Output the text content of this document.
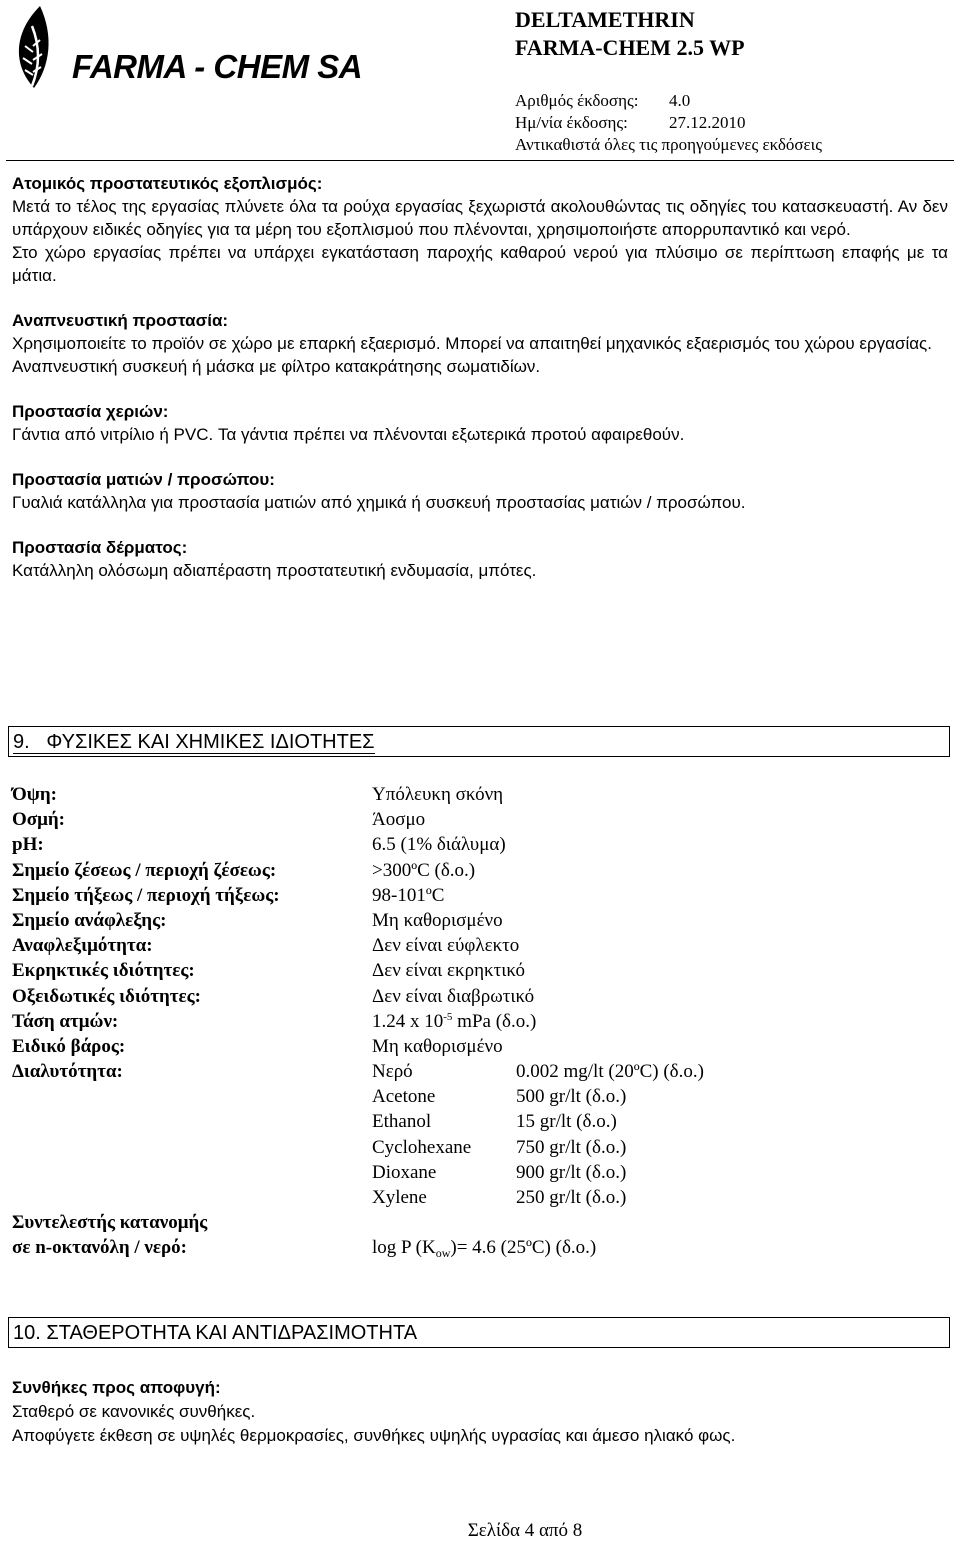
FARMA - CHEM SA
DELTAMETHRIN
FARMA-CHEM 2.5 WP
Αριθμός έκδοσης: 4.0
Ημ/νία έκδοσης: 27.12.2010
Αντικαθιστά όλες τις προηγούμενες εκδόσεις
Ατομικός προστατευτικός εξοπλισμός:
Μετά το τέλος της εργασίας πλύνετε όλα τα ρούχα εργασίας ξεχωριστά ακολουθώντας τις οδηγίες του κατασκευαστή. Αν δεν υπάρχουν ειδικές οδηγίες για τα μέρη του εξοπλισμού που πλένονται, χρησιμοποιήστε απορρυπαντικό και νερό.
Στο χώρο εργασίας πρέπει να υπάρχει εγκατάσταση παροχής καθαρού νερού για πλύσιμο σε περίπτωση επαφής με τα μάτια.
Αναπνευστική προστασία:
Χρησιμοποιείτε το προϊόν σε χώρο με επαρκή εξαερισμό. Μπορεί να απαιτηθεί μηχανικός εξαερισμός του χώρου εργασίας.
Αναπνευστική συσκευή ή μάσκα με φίλτρο κατακράτησης σωματιδίων.
Προστασία χεριών:
Γάντια από νιτρίλιο ή PVC. Τα γάντια πρέπει να πλένονται εξωτερικά προτού αφαιρεθούν.
Προστασία ματιών / προσώπου:
Γυαλιά κατάλληλα για προστασία ματιών από χημικά ή συσκευή προστασίας ματιών / προσώπου.
Προστασία δέρματος:
Κατάλληλη ολόσωμη αδιαπέραστη προστατευτική ενδυμασία, μπότες.
9. ΦΥΣΙΚΕΣ ΚΑΙ ΧΗΜΙΚΕΣ ΙΔΙΟΤΗΤΕΣ
Όψη:	Υπόλευκη σκόνη
Οσμή:	Άοσμο
pH:	6.5 (1% διάλυμα)
Σημείο ζέσεως / περιοχή ζέσεως:	>300ºC (δ.ο.)
Σημείο τήξεως / περιοχή τήξεως:	98-101ºC
Σημείο ανάφλεξης:	Μη καθορισμένο
Αναφλεξιμότητα:	Δεν είναι εύφλεκτο
Εκρηκτικές ιδιότητες:	Δεν είναι εκρηκτικό
Οξειδωτικές ιδιότητες:	Δεν είναι διαβρωτικό
Τάση ατμών:	1.24 x $10^{-5}$ mPa (δ.ο.)
Ειδικό βάρος:	Μη καθορισμένο
Διαλυτότητα:	Νερό	0.002 mg/lt (20ºC) (δ.ο.)
Acetone	500 gr/lt (δ.ο.)
Ethanol	15 gr/lt (δ.ο.)
Cyclohexane 750 gr/lt (δ.ο.)
Dioxane	900 gr/lt (δ.ο.)
Xylene	250 gr/lt (δ.ο.)
Συντελεστής κατανομής
σε n-οκτανόλη / νερό:	log P $(K_{ow})= 4.6$ (25ºC) (δ.ο.)
10. ΣΤΑΘΕΡΟΤΗΤΑ ΚΑΙ ΑΝΤΙΔΡΑΣΙΜΟΤΗΤΑ
Συνθήκες προς αποφυγή:
Σταθερό σε κανονικές συνθήκες.
Αποφύγετε έκθεση σε υψηλές θερμοκρασίες, συνθήκες υψηλής υγρασίας και άμεσο ηλιακό φως.
Σελίδα 4 από 8
